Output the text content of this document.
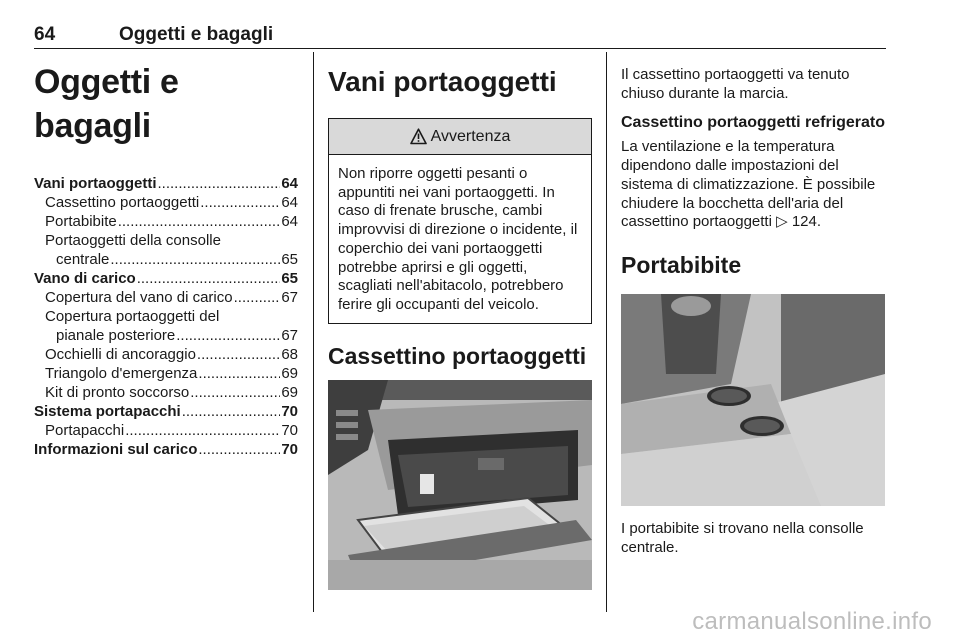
64	Oggetti e bagagli
Oggetti e bagagli
Vani portaoggetti .....	64
Cassettino portaoggetti .....	64
Portabibite .....	64
Portaoggetti della consolle
centrale .....	65
Vano di carico .....	65
Copertura del vano di carico .....	67
Copertura portaoggetti del
pianale posteriore .....	67
Occhielli di ancoraggio .....	68
Triangolo d'emergenza .....	69
Kit di pronto soccorso .....	69
Sistema portapacchi .....	70
Portapacchi .....	70
Informazioni sul carico .....	70
Vani portaoggetti
Avvertenza
Non riporre oggetti pesanti o appuntiti nei vani portaoggetti. In caso di frenate brusche, cambi improvvisi di direzione o incidente, il coperchio dei vani portaoggetti potrebbe aprirsi e gli oggetti, scagliati nell'abitacolo, potrebbero ferire gli occupanti del veicolo.
Cassettino portaoggetti

Il cassettino portaoggetti va tenuto chiuso durante la marcia.

Cassettino portaoggetti refrigerato

La ventilazione e la temperatura dipendono dalle impostazioni del sistema di climatizzazione. È possibile chiudere la bocchetta dell'aria del cassettino portaoggetti ▷ 124.

Portabibite

I portabibite si trovano nella consolle centrale.

carmanualsonline.info
